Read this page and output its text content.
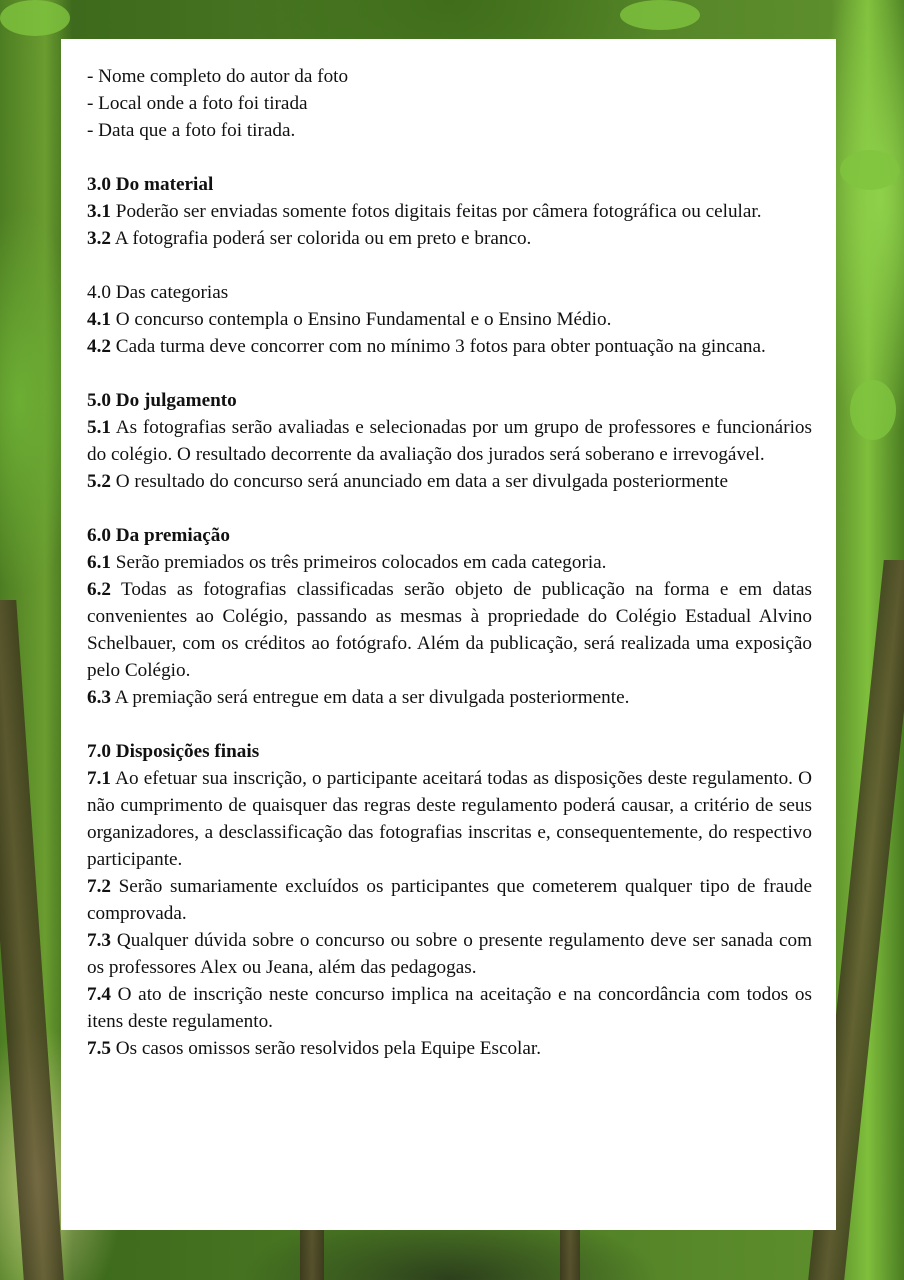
- Nome completo do autor da foto

- Local onde a foto foi tirada

- Data que a foto foi tirada.

3.0 Do material

3.1 Poderão ser enviadas somente fotos digitais feitas por câmera fotográfica ou celular.

3.2 A fotografia poderá ser colorida ou em preto e branco.

4.0 Das categorias

4.1 O concurso contempla o Ensino Fundamental e o Ensino Médio.

4.2 Cada turma deve concorrer com no mínimo 3 fotos para obter pontuação na gincana.

5.0 Do julgamento

5.1 As fotografias serão avaliadas e selecionadas por um grupo de professores e funcionários do colégio. O resultado decorrente da avaliação dos jurados será soberano e irrevogável.

5.2 O resultado do concurso será anunciado em data a ser divulgada posteriormente

6.0 Da premiação

6.1 Serão premiados os três primeiros colocados em cada categoria.

6.2 Todas as fotografias classificadas serão objeto de publicação na forma e em datas convenientes ao Colégio, passando as mesmas à propriedade do Colégio Estadual Alvino Schelbauer, com os créditos ao fotógrafo. Além da publicação, será realizada uma exposição pelo Colégio.

6.3 A premiação será entregue em data a ser divulgada posteriormente.

7.0 Disposições finais

7.1 Ao efetuar sua inscrição, o participante aceitará todas as disposições deste regulamento. O não cumprimento de quaisquer das regras deste regulamento poderá causar, a critério de seus organizadores, a desclassificação das fotografias inscritas e, consequentemente, do respectivo participante.

7.2 Serão sumariamente excluídos os participantes que cometerem qualquer tipo de fraude comprovada.

7.3 Qualquer dúvida sobre o concurso ou sobre o presente regulamento deve ser sanada com os professores Alex ou Jeana, além das pedagogas.

7.4 O ato de inscrição neste concurso implica na aceitação e na concordância com todos os itens deste regulamento.

7.5 Os casos omissos serão resolvidos pela Equipe Escolar.
